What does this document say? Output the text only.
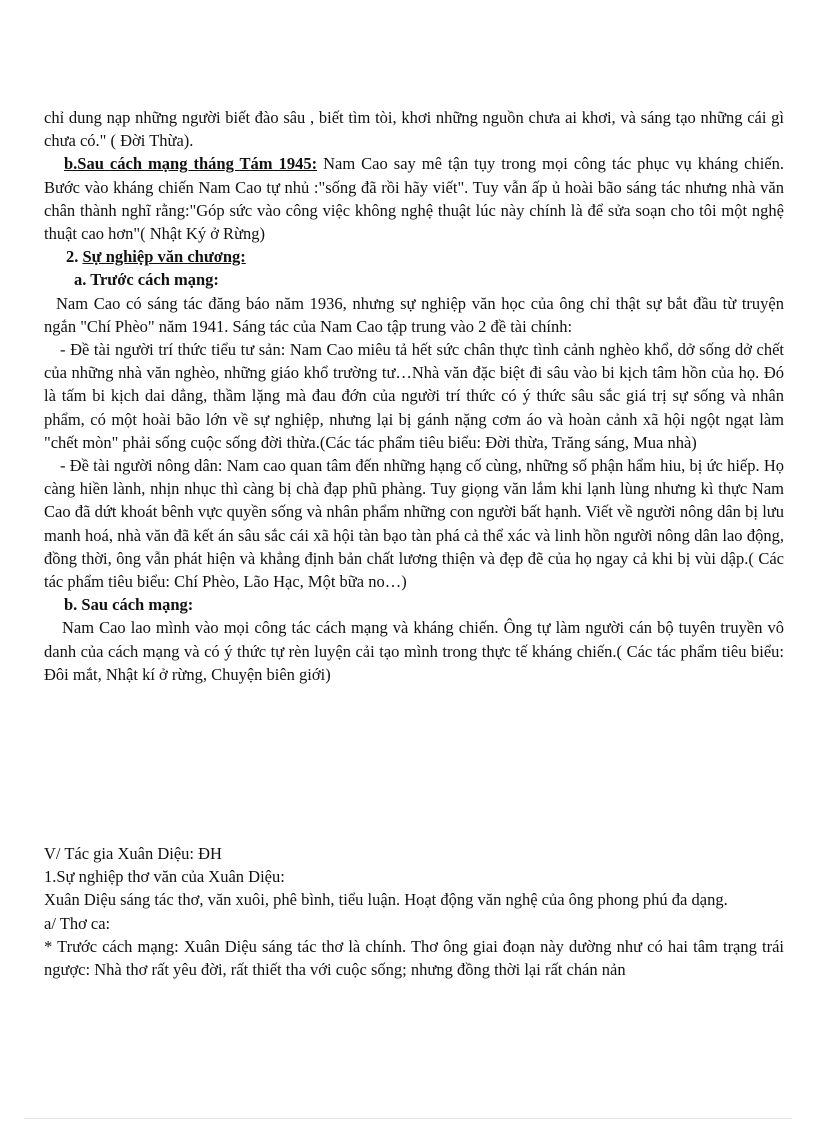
chỉ dung nạp những người biết đào sâu , biết tìm tòi, khơi những nguồn chưa ai khơi, và sáng tạo những cái gì chưa có." ( Đời Thừa).

b.Sau cách mạng tháng Tám 1945: Nam Cao say mê tận tụy trong mọi công tác phục vụ kháng chiến. Bước vào kháng chiến Nam Cao tự nhủ :"sống đã rồi hãy viết". Tuy vẫn ấp ủ hoài bão sáng tác nhưng nhà văn chân thành nghĩ rằng:"Góp sức vào công việc không nghệ thuật lúc này chính là để sửa soạn cho tôi một nghệ thuật cao hơn"( Nhật Ký ở Rừng)

2. Sự nghiệp văn chương:

a. Trước cách mạng:

Nam Cao có sáng tác đăng báo năm 1936, nhưng sự nghiệp văn học của ông chỉ thật sự bắt đầu từ truyện ngắn "Chí Phèo" năm 1941. Sáng tác của Nam Cao tập trung vào 2 đề tài chính:

- Đề tài người trí thức tiểu tư sản: Nam Cao miêu tả hết sức chân thực tình cảnh nghèo khổ, dở sống dở chết của những nhà văn nghèo, những giáo khổ trường tư…Nhà văn đặc biệt đi sâu vào bi kịch tâm hồn của họ. Đó là tấm bi kịch dai dẳng, thầm lặng mà đau đớn của người trí thức có ý thức sâu sắc giá trị sự sống và nhân phẩm, có một hoài bão lớn về sự nghiệp, nhưng lại bị gánh nặng cơm áo và hoàn cảnh xã hội ngột ngạt làm "chết mòn" phải sống cuộc sống đời thừa.(Các tác phẩm tiêu biểu: Đời thừa, Trăng sáng, Mua nhà)

- Đề tài người nông dân: Nam cao quan tâm đến những hạng cố cùng, những số phận hẩm hiu, bị ức hiếp. Họ càng hiền lành, nhịn nhục thì càng bị chà đạp phũ phàng. Tuy giọng văn lắm khi lạnh lùng nhưng kì thực Nam Cao đã dứt khoát bênh vực quyền sống và nhân phẩm những con người bất hạnh. Viết về người nông dân bị lưu manh hoá, nhà văn đã kết án sâu sắc cái xã hội tàn bạo tàn phá cả thể xác và linh hồn người nông dân lao động, đồng thời, ông vẫn phát hiện và khẳng định bản chất lương thiện và đẹp đẽ của họ ngay cả khi bị vùi dập.( Các tác phẩm tiêu biểu: Chí Phèo, Lão Hạc, Một bữa no…)

b. Sau cách mạng:

Nam Cao lao mình vào mọi công tác cách mạng và kháng chiến. Ông tự làm người cán bộ tuyên truyền vô danh của cách mạng và có ý thức tự rèn luyện cải tạo mình trong thực tế kháng chiến.( Các tác phẩm tiêu biểu: Đôi mắt, Nhật kí ở rừng, Chuyện biên giới)

V/ Tác gia Xuân Diệu: ĐH

1.Sự nghiệp thơ văn của Xuân Diệu:

Xuân Diệu sáng tác thơ, văn xuôi, phê bình, tiểu luận. Hoạt động văn nghệ của ông phong phú đa dạng.

a/ Thơ ca:

* Trước cách mạng: Xuân Diệu sáng tác thơ là chính. Thơ ông giai đoạn này dường như có hai tâm trạng trái ngược: Nhà thơ rất yêu đời, rất thiết tha với cuộc sống; nhưng đồng thời lại rất chán nản
